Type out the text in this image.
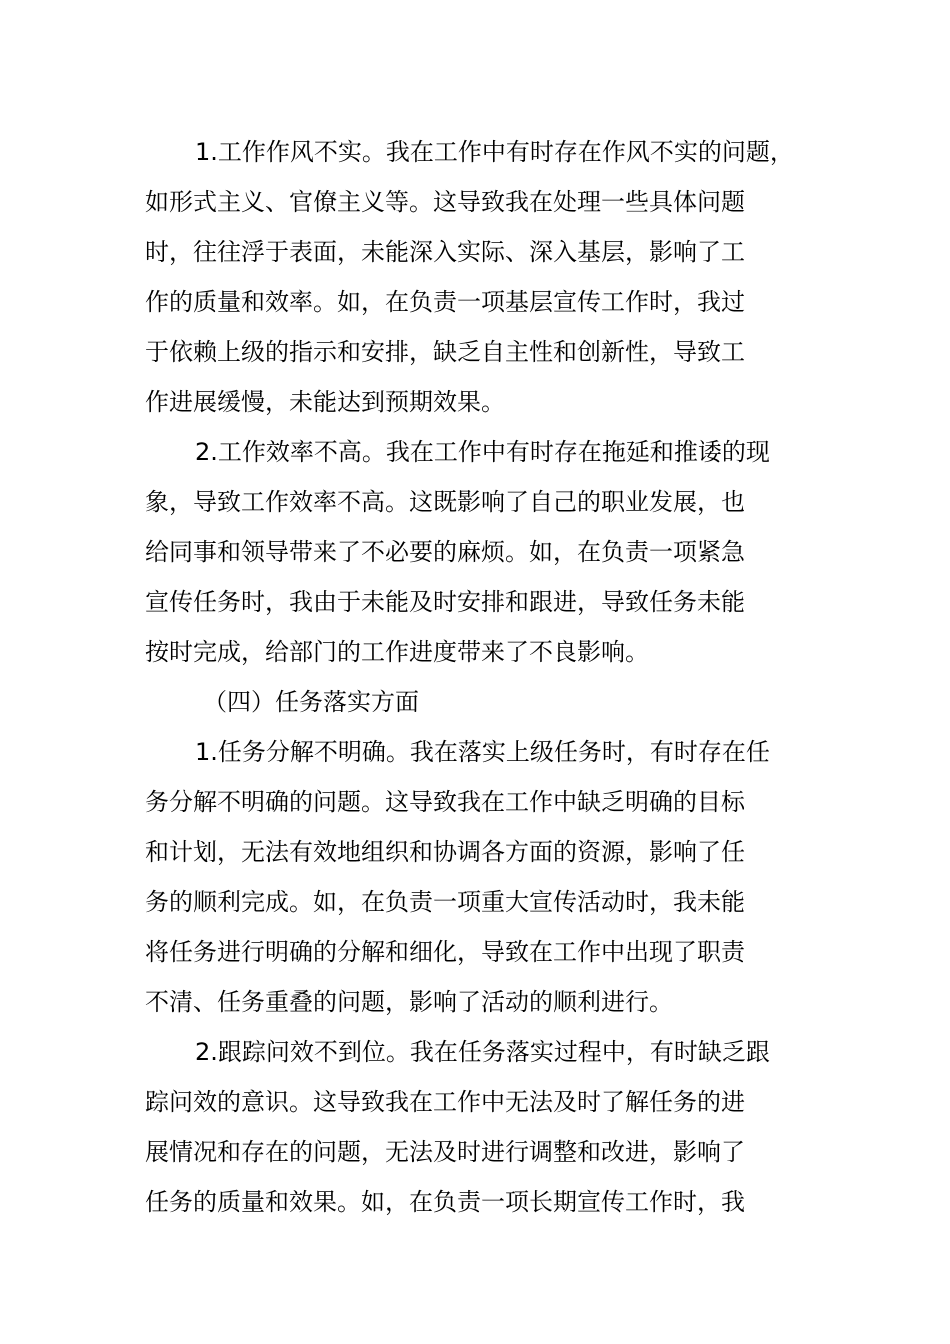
1.工作作风不实。我在工作中有时存在作风不实的问题，
如形式主义、官僚主义等。这导致我在处理一些具体问题
时，往往浮于表面，未能深入实际、深入基层，影响了工
作的质量和效率。如，在负责一项基层宣传工作时，我过
于依赖上级的指示和安排，缺乏自主性和创新性，导致工
作进展缓慢，未能达到预期效果。
2.工作效率不高。我在工作中有时存在拖延和推诿的现
象，导致工作效率不高。这既影响了自己的职业发展，也
给同事和领导带来了不必要的麻烦。如，在负责一项紧急
宣传任务时，我由于未能及时安排和跟进，导致任务未能
按时完成，给部门的工作进度带来了不良影响。
（四）任务落实方面
1.任务分解不明确。我在落实上级任务时，有时存在任
务分解不明确的问题。这导致我在工作中缺乏明确的目标
和计划，无法有效地组织和协调各方面的资源，影响了任
务的顺利完成。如，在负责一项重大宣传活动时，我未能
将任务进行明确的分解和细化，导致在工作中出现了职责
不清、任务重叠的问题，影响了活动的顺利进行。
2.跟踪问效不到位。我在任务落实过程中，有时缺乏跟
踪问效的意识。这导致我在工作中无法及时了解任务的进
展情况和存在的问题，无法及时进行调整和改进，影响了
任务的质量和效果。如，在负责一项长期宣传工作时，我
